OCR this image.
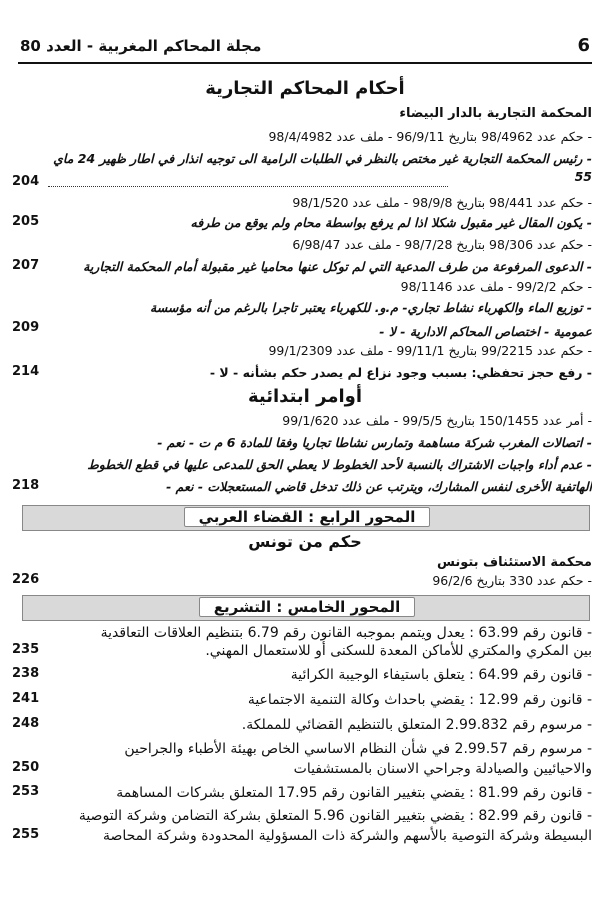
6
مجلة المحاكم المغربية - العدد 80
أحكام المحاكم التجارية
المحكمة التجارية بالدار البيضاء
- حكم عدد 98/4962 بتاريخ 96/9/11 - ملف عدد 98/4/4982
- رئيس المحكمة التجارية غير مختص بالنظر في الطلبات الرامية الى توجيه انذار في اطار ظهير 24 ماي 55
204
- حكم عدد 98/441 بتاريخ 98/9/8 - ملف عدد 98/1/520
- يكون المقال غير مقبول شكلا اذا لم يرفع بواسطة محام ولم يوقع من طرفه
205
- حكم عدد 98/306 بتاريخ 98/7/28 - ملف عدد 6/98/47
- الدعوى المرفوعة من طرف المدعية التي لم توكل عنها محاميا غير مقبولة أمام المحكمة التجارية
207
- حكم 99/2/2 - ملف عدد 98/1146
- توزيع الماء والكهرباء نشاط تجاري- م.و. للكهرباء يعتبر تاجرا بالرغم من أنه مؤسسة عمومية - اختصاص المحاكم الادارية - لا -
209
- حكم عدد 99/2215 بتاريخ 99/11/1 - ملف عدد 99/1/2309
- رفع حجز تحفظي: بسبب وجود نزاع لم يصدر حكم بشأنه - لا -
214
أوامر ابتدائية
- أمر عدد 150/1455 بتاريخ 99/5/5 - ملف عدد 99/1/620
- اتصالات المغرب شركة مساهمة وتمارس نشاطا تجاريا وفقا للمادة 6 م ت - نعم -
- عدم أداء واجبات الاشتراك بالنسبة لأحد الخطوط لا يعطي الحق للمدعى عليها في قطع الخطوط
الهاتفية الأخرى لنفس المشارك، ويترتب عن ذلك تدخل قاضي المستعجلات - نعم -
218
المحور الرابع : القضاء العربي
حكم من تونس
محكمة الاستئناف بتونس
- حكم عدد 330 بتاريخ 96/2/6
226
المحور الخامس : التشريع
- قانون رقم 63.99 : يعدل ويتمم بموجبه القانون رقم 6.79 بتنظيم العلاقات التعاقدية
بين المكري والمكتري للأماكن المعدة للسكنى أو للاستعمال المهني.
235
- قانون رقم 64.99 : يتعلق باستيفاء الوجيبة الكرائية
238
- قانون رقم 12.99 : يقضي باحداث وكالة التنمية الاجتماعية
241
- مرسوم رقم 2.99.832 المتعلق بالتنظيم القضائي للمملكة.
248
- مرسوم رقم 2.99.57 في شأن النظام الاساسي الخاص بهيئة الأطباء والجراحين
والاحيائيين والصيادلة وجراحي الاسنان بالمستشفيات
250
- قانون رقم 81.99 : يقضي بتغيير القانون رقم 17.95 المتعلق بشركات المساهمة
253
- قانون رقم 82.99 : يقضي بتغيير القانون 5.96 المتعلق بشركة التضامن وشركة التوصية
البسيطة وشركة التوصية بالأسهم والشركة ذات المسؤولية المحدودة وشركة المحاصة
255
